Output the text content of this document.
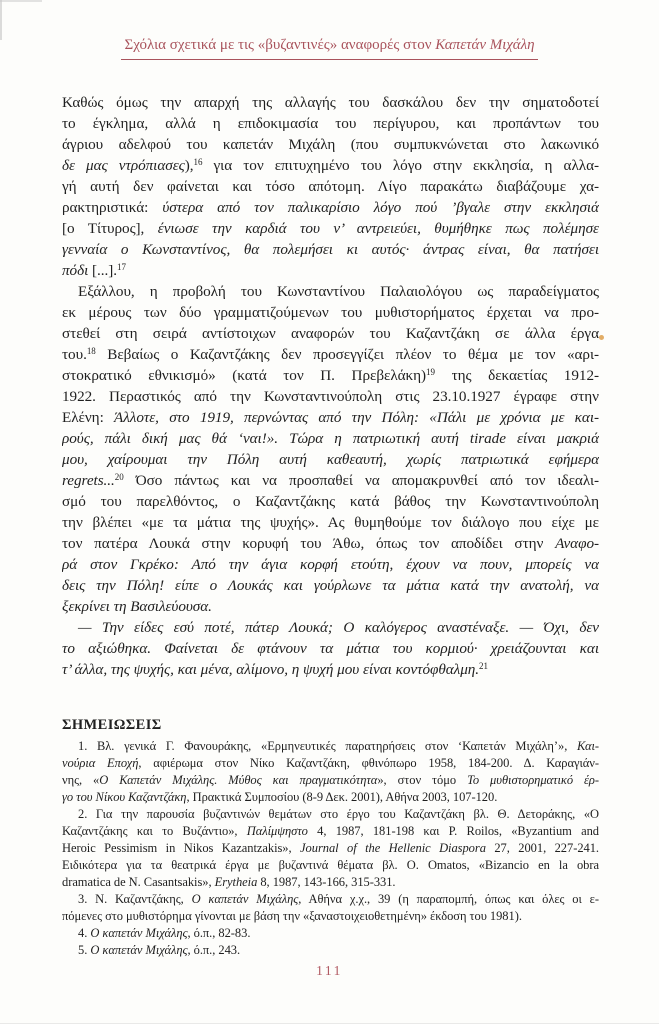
Σχόλια σχετικά με τις «βυζαντινές» αναφορές στον Καπετάν Μιχάλη
Καθώς όμως την απαρχή της αλλαγής του δασκάλου δεν την σηματοδοτεί
το έγκλημα, αλλά η επιδοκιμασία του περίγυρου, και προπάντων του
άγριου αδελφού του καπετάν Μιχάλη (που συμπυκνώνεται στο λακωνικό
δε μας ντρόπιασες),$^{16}$ για τον επιτυχημένο του λόγο στην εκκλησία, η αλλα-
γή αυτή δεν φαίνεται και τόσο απότομη. Λίγο παρακάτω διαβάζουμε χα-
ρακτηριστικά: ύστερα από τον παλικαρίσιο λόγο πού ’βγαλε στην εκκλησιά
[ο Τίτυρος], ένιωσε την καρδιά του ν’ αντρειεύει, θυμήθηκε πως πολέμησε
γενναία ο Κωνσταντίνος, θα πολεμήσει κι αυτός· άντρας είναι, θα πατήσει
πόδι [...].$^{17}$
Εξάλλου, η προβολή του Κωνσταντίνου Παλαιολόγου ως παραδείγματος
εκ μέρους των δύο γραμματιζούμενων του μυθιστορήματος έρχεται να προ-
στεθεί στη σειρά αντίστοιχων αναφορών του Καζαντζάκη σε άλλα έργα
του.$^{18}$ Βεβαίως ο Καζαντζάκης δεν προσεγγίζει πλέον το θέμα με τον «αρι-
στοκρατικό εθνικισμό» (κατά τον Π. Πρεβελάκη)$^{19}$ της δεκαετίας 1912-
1922. Περαστικός από την Κωνσταντινούπολη στις 23.10.1927 έγραφε στην
Ελένη: Άλλοτε, στο 1919, περνώντας από την Πόλη: «Πάλι με χρόνια με και-
ρούς, πάλι δική μας θά ‘ναι!». Τώρα η πατριωτική αυτή tirade είναι μακριά
μου, χαίρουμαι την Πόλη αυτή καθεαυτή, χωρίς πατριωτικά εφήμερα
regrets...$^{20}$ Όσο πάντως και να προσπαθεί να απομακρυνθεί από τον ιδεαλι-
σμό του παρελθόντος, ο Καζαντζάκης κατά βάθος την Κωνσταντινούπολη
την βλέπει «με τα μάτια της ψυχής». Ας θυμηθούμε τον διάλογο που είχε με
τον πατέρα Λουκά στην κορυφή του Άθω, όπως τον αποδίδει στην Αναφο-
ρά στον Γκρέκο: Από την άγια κορφή ετούτη, έχουν να πουν, μπορείς να
δεις την Πόλη! είπε ο Λουκάς και γούρλωνε τα μάτια κατά την ανατολή, να
ξεκρίνει τη Βασιλεύουσα.
— Την είδες εσύ ποτέ, πάτερ Λουκά; Ο καλόγερος αναστέναξε. — Όχι, δεν
το αξιώθηκα. Φαίνεται δε φτάνουν τα μάτια του κορμιού· χρειάζουνται και
τ’ άλλα, της ψυχής, και μένα, αλίμονο, η ψυχή μου είναι κοντόφθαλμη.$^{21}$
ΣΗΜΕΙΩΣΕΙΣ
1. Βλ. γενικά Γ. Φανουράκης, «Ερμηνευτικές παρατηρήσεις στον ‘Καπετάν Μιχάλη’», Και-
νούρια Εποχή, αφιέρωμα στον Νίκο Καζαντζάκη, φθινόπωρο 1958, 184-200. Δ. Καραγιάν-
νης, «Ο Καπετάν Μιχάλης. Μύθος και πραγματικότητα», στον τόμο Το μυθιστορηματικό έρ-
γο του Νίκου Καζαντζάκη, Πρακτικά Συμποσίου (8-9 Δεκ. 2001), Αθήνα 2003, 107-120.
2. Για την παρουσία βυζαντινών θεμάτων στο έργο του Καζαντζάκη βλ. Θ. Δετοράκης, «Ο
Καζαντζάκης και το Βυζάντιο», Παλίμψηστο 4, 1987, 181-198 και P. Roilos, «Byzantium and
Heroic Pessimism in Nikos Kazantzakis», Journal of the Hellenic Diaspora 27, 2001, 227-241.
Ειδικότερα για τα θεατρικά έργα με βυζαντινά θέματα βλ. O. Omatos, «Bizancio en la obra
dramatica de N. Casantsakis», Erytheia 8, 1987, 143-166, 315-331.
3. Ν. Καζαντζάκης, Ο καπετάν Μιχάλης, Αθήνα χ.χ., 39 (η παραπομπή, όπως και όλες οι ε-
πόμενες στο μυθιστόρημα γίνονται με βάση την «ξαναστοιχειοθετημένη» έκδοση του 1981).
4. Ο καπετάν Μιχάλης, ό.π., 82-83.
5. Ο καπετάν Μιχάλης, ό.π., 243.
111
